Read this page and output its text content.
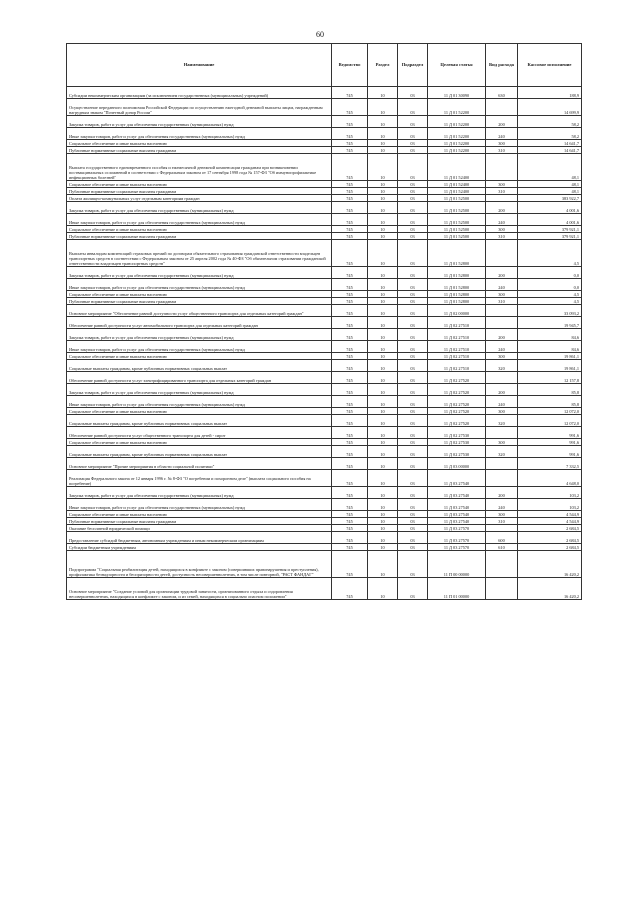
60
Наименование	Ведомство	Раздел	Подраздел	Целевая статья	Вид расхода	Кассовое исполнение
Субсидии некоммерческим организациям (за исключением государственных (муниципальных) учреждений)	745	10	03	11 Д 01 30090	630	188,9
Осуществление переданного полномочия Российской Федерации по осуществлению ежегодной денежной выплаты лицам, награжденным нагрудным знаком "Почетный донор России"	745	10	03	11 Д 01 52200		14 699,9
Закупка товаров, работ и услуг для обеспечения государственных (муниципальных) нужд	745	10	03	11 Д 01 52200	200	58,2
Иные закупки товаров, работ и услуг для обеспечения государственных (муниципальных) нужд	745	10	03	11 Д 01 52200	240	58,2
Социальное обеспечение и иные выплаты населению	745	10	03	11 Д 01 52200	300	14 641,7
Публичные нормативные социальные выплаты гражданам	745	10	03	11 Д 01 52200	310	14 641,7
Выплата государственного единовременного пособия и ежемесячной денежной компенсации гражданам при возникновении поствакцинальных осложнений в соответствии с Федеральным законом от 17 сентября 1998 года № 157-ФЗ "Об иммунопрофилактике инфекционных болезней"	745	10	03	11 Д 01 52400		48,1
Социальное обеспечение и иные выплаты населению	745	10	03	11 Д 01 52400	300	48,1
Публичные нормативные социальные выплаты гражданам	745	10	03	11 Д 01 52400	310	48,1
Оплата жилищно-коммунальных услуг отдельным категориям граждан	745	10	03	11 Д 01 52500		383 922,7
Закупка товаров, работ и услуг для обеспечения государственных (муниципальных) нужд	745	10	03	11 Д 01 52500	200	4 001,6
Иные закупки товаров, работ и услуг для обеспечения государственных (муниципальных) нужд	745	10	03	11 Д 01 52500	240	4 001,6
Социальное обеспечение и иные выплаты населению	745	10	03	11 Д 01 52500	300	379 921,1
Публичные нормативные социальные выплаты гражданам	745	10	03	11 Д 01 52500	310	379 921,1
Выплаты инвалидам компенсаций страховых премий по договорам обязательного страхования гражданской ответственности владельцев транспортных средств в соответствии с Федеральным законом от 25 апреля 2002 года № 40-ФЗ "Об обязательном страховании гражданской ответственности владельцев транспортных средств"	745	10	03	11 Д 01 52800		4,5
Закупка товаров, работ и услуг для обеспечения государственных (муниципальных) нужд	745	10	03	11 Д 01 52800	200	0,0
Иные закупки товаров, работ и услуг для обеспечения государственных (муниципальных) нужд	745	10	03	11 Д 01 52800	240	0,0
Социальное обеспечение и иные выплаты населению	745	10	03	11 Д 01 52800	300	4,5
Публичные нормативные социальные выплаты гражданам	745	10	03	11 Д 01 52800	310	4,5
Основное мероприятие "Обеспечение равной доступности услуг общественного транспорта для отдельных категорий граждан"	745	10	03	11 Д 02 00000		33 093,2
Обеспечение равной доступности услуг автомобильного транспорта для отдельных категорий граждан	745	10	03	11 Д 02 27510		19 945,7
Закупка товаров, работ и услуг для обеспечения государственных (муниципальных) нужд	745	10	03	11 Д 02 27510	200	84,6
Иные закупки товаров, работ и услуг для обеспечения государственных (муниципальных) нужд	745	10	03	11 Д 02 27510	240	84,6
Социальное обеспечение и иные выплаты населению	745	10	03	11 Д 02 27510	300	19 861,1
Социальные выплаты гражданам, кроме публичных нормативных социальных выплат	745	10	03	11 Д 02 27510	320	19 861,1
Обеспечение равной доступности услуг электрифицированного транспорта для отдельных категорий граждан	745	10	03	11 Д 02 27520		12 157,8
Закупка товаров, работ и услуг для обеспечения государственных (муниципальных) нужд	745	10	03	11 Д 02 27520	200	85,8
Иные закупки товаров, работ и услуг для обеспечения государственных (муниципальных) нужд	745	10	03	11 Д 02 27520	240	85,8
Социальное обеспечение и иные выплаты населению	745	10	03	11 Д 02 27520	300	12 072,0
Социальные выплаты гражданам, кроме публичных нормативных социальных выплат	745	10	03	11 Д 02 27520	320	12 072,0
Обеспечение равной доступности услуг общественного транспорта для детей - сирот	745	10	03	11 Д 02 27530		991,6
Социальное обеспечение и иные выплаты населению	745	10	03	11 Д 02 27530	300	991,6
Социальные выплаты гражданам, кроме публичных нормативных социальных выплат	745	10	03	11 Д 02 27530	320	991,6
Основное мероприятие "Прочие мероприятия в области социальной политики"	745	10	03	11 Д 03 00000		7 332,5
Реализация Федерального закона от 12 января 1996 г. № 8-ФЗ "О погребении и похоронном деле" (выплата социального пособия на погребение)	745	10	03	11 Д 03 27540		4 648,0
Закупка товаров, работ и услуг для обеспечения государственных (муниципальных) нужд	745	10	03	11 Д 03 27540	200	103,2
Иные закупки товаров, работ и услуг для обеспечения государственных (муниципальных) нужд	745	10	03	11 Д 03 27540	240	103,2
Социальное обеспечение и иные выплаты населению	745	10	03	11 Д 03 27540	300	4 544,9
Публичные нормативные социальные выплаты гражданам	745	10	03	11 Д 03 27540	310	4 544,9
Оказание бесплатной юридической помощи	745	10	03	11 Д 03 27570		2 684,5
Предоставление субсидий бюджетным, автономным учреждениям и иным некоммерческим организациям	745	10	03	11 Д 03 27570	600	2 684,5
Субсидии бюджетным учреждениям	745	10	03	11 Д 03 27570	610	2 684,5
Подпрограмма "Социальная реабилитация детей, находящихся в конфликте с законом (совершивших правонарушения и преступления), профилактика безнадзорности и беспризорности детей, доступность несовершеннолетних, в том числе повторной, "РАСТ ФАНДАГ"	745	10	03	11 П 00 00000		16 420,2
Основное мероприятие "Создание условий для организации трудовой занятости, организованного отдыха и оздоровления несовершеннолетних, находящихся в конфликте с законом, и из семей, находящихся в социально опасном положении"	745	10	03	11 П 01 00000		16 420,2
